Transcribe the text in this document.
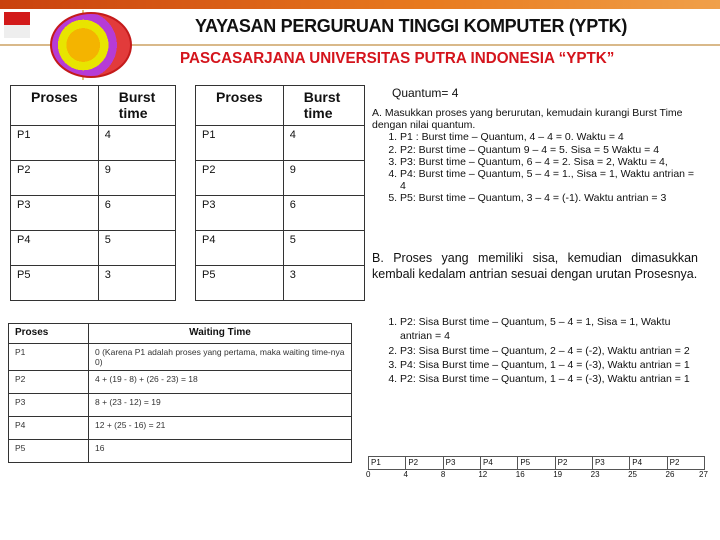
YAYASAN PERGURUAN TINGGI KOMPUTER (YPTK)
PASCASARJANA UNIVERSITAS PUTRA INDONESIA “YPTK”
Proses	Burst time
P1	4
P2	9
P3	6
P4	5
P5	3
Proses	Burst time
P1	4
P2	9
P3	6
P4	5
P5	3
Quantum= 4
A. Masukkan proses yang berurutan, kemudain kurangi Burst Time dengan nilai quantum.
1. P1 : Burst time – Quantum, 4 – 4 = 0. Waktu = 4
2. P2: Burst time – Quantum 9 – 4 = 5. Sisa = 5 Waktu = 4
3. P3: Burst time – Quantum, 6 – 4 = 2. Sisa = 2, Waktu = 4,
4. P4: Burst time – Quantum, 5 – 4 = 1., Sisa = 1, Waktu antrian = 4
5. P5: Burst time – Quantum, 3 – 4 = (-1). Waktu antrian = 3
B. Proses yang memiliki sisa, kemudian dimasukkan kembali kedalam antrian sesuai dengan urutan Prosesnya.
Proses	Waiting Time
P1	0 (Karena P1 adalah proses yang pertama, maka waiting time-nya 0)
P2	4 + (19 - 8) + (26 - 23) = 18
P3	8 + (23 - 12) = 19
P4	12 + (25 - 16) = 21
P5	16
1. P2: Sisa Burst time – Quantum, 5 – 4 = 1, Sisa = 1, Waktu antrian = 4
2. P3: Sisa Burst time – Quantum, 2 – 4 = (-2), Waktu antrian = 2
3. P4: Sisa Burst time – Quantum, 1 – 4 = (-3), Waktu antrian = 1
4. P2: Sisa Burst time – Quantum, 1 – 4 = (-3), Waktu antrian = 1
P1	P2	P3	P4	P5	P2	P3	P4	P2
0	4	8	12	16	19	23	25	26	27
